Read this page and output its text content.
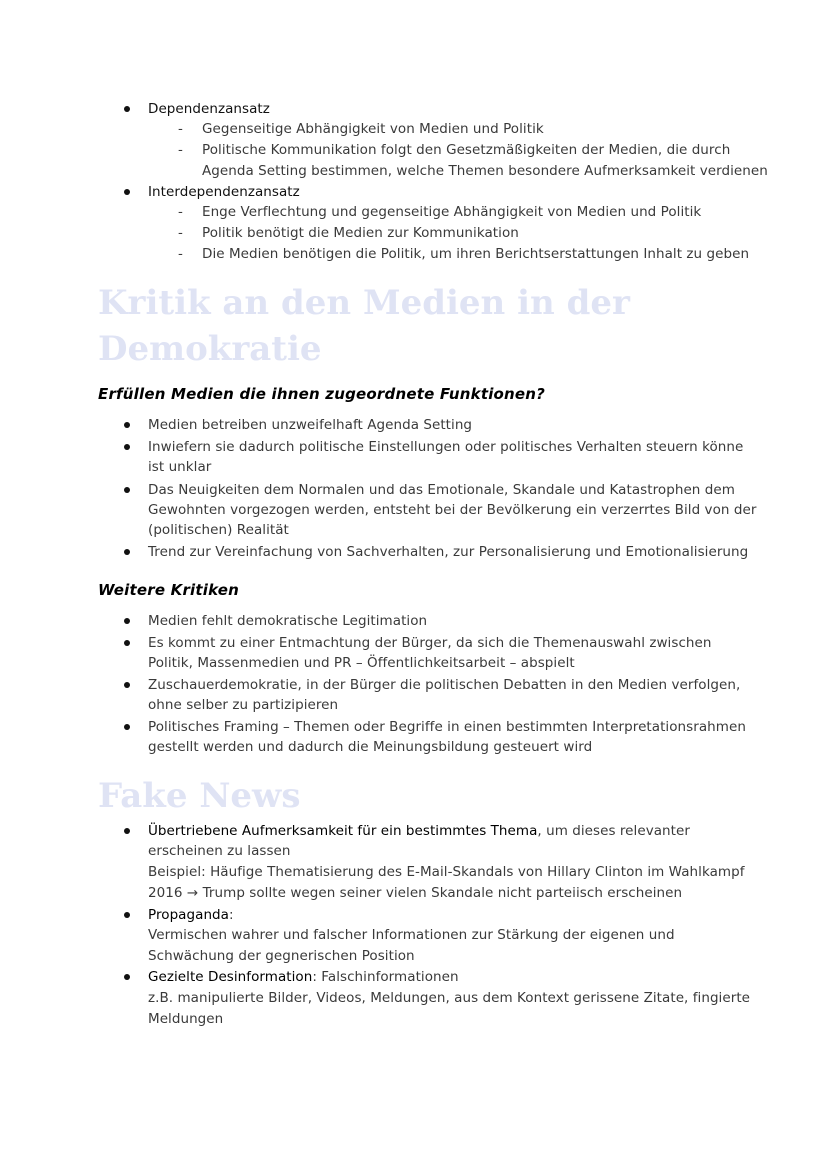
Dependenzansatz
- Gegenseitige Abhängigkeit von Medien und Politik
- Politische Kommunikation folgt den Gesetzmäßigkeiten der Medien, die durch
Agenda Setting bestimmen, welche Themen besondere Aufmerksamkeit verdienen
Interdependenzansatz
- Enge Verflechtung und gegenseitige Abhängigkeit von Medien und Politik
- Politik benötigt die Medien zur Kommunikation
- Die Medien benötigen die Politik, um ihren Berichtserstattungen Inhalt zu geben
Kritik an den Medien in der
Demokratie
Erfüllen Medien die ihnen zugeordnete Funktionen?
Medien betreiben unzweifelhaft Agenda Setting
Inwiefern sie dadurch politische Einstellungen oder politisches Verhalten steuern könne
ist unklar
Das Neuigkeiten dem Normalen und das Emotionale, Skandale und Katastrophen dem
Gewohnten vorgezogen werden, entsteht bei der Bevölkerung ein verzerrtes Bild von der
(politischen) Realität
Trend zur Vereinfachung von Sachverhalten, zur Personalisierung und Emotionalisierung
Weitere Kritiken
Medien fehlt demokratische Legitimation
Es kommt zu einer Entmachtung der Bürger, da sich die Themenauswahl zwischen
Politik, Massenmedien und PR – Öffentlichkeitsarbeit – abspielt
Zuschauerdemokratie, in der Bürger die politischen Debatten in den Medien verfolgen,
ohne selber zu partizipieren
Politisches Framing – Themen oder Begriffe in einen bestimmten Interpretationsrahmen
gestellt werden und dadurch die Meinungsbildung gesteuert wird
Fake News
Übertriebene Aufmerksamkeit für ein bestimmtes Thema, um dieses relevanter
erscheinen zu lassen
Beispiel: Häufige Thematisierung des E-Mail-Skandals von Hillary Clinton im Wahlkampf
2016 → Trump sollte wegen seiner vielen Skandale nicht parteiisch erscheinen
Propaganda:
Vermischen wahrer und falscher Informationen zur Stärkung der eigenen und
Schwächung der gegnerischen Position
Gezielte Desinformation: Falschinformationen
z.B. manipulierte Bilder, Videos, Meldungen, aus dem Kontext gerissene Zitate, fingierte
Meldungen
